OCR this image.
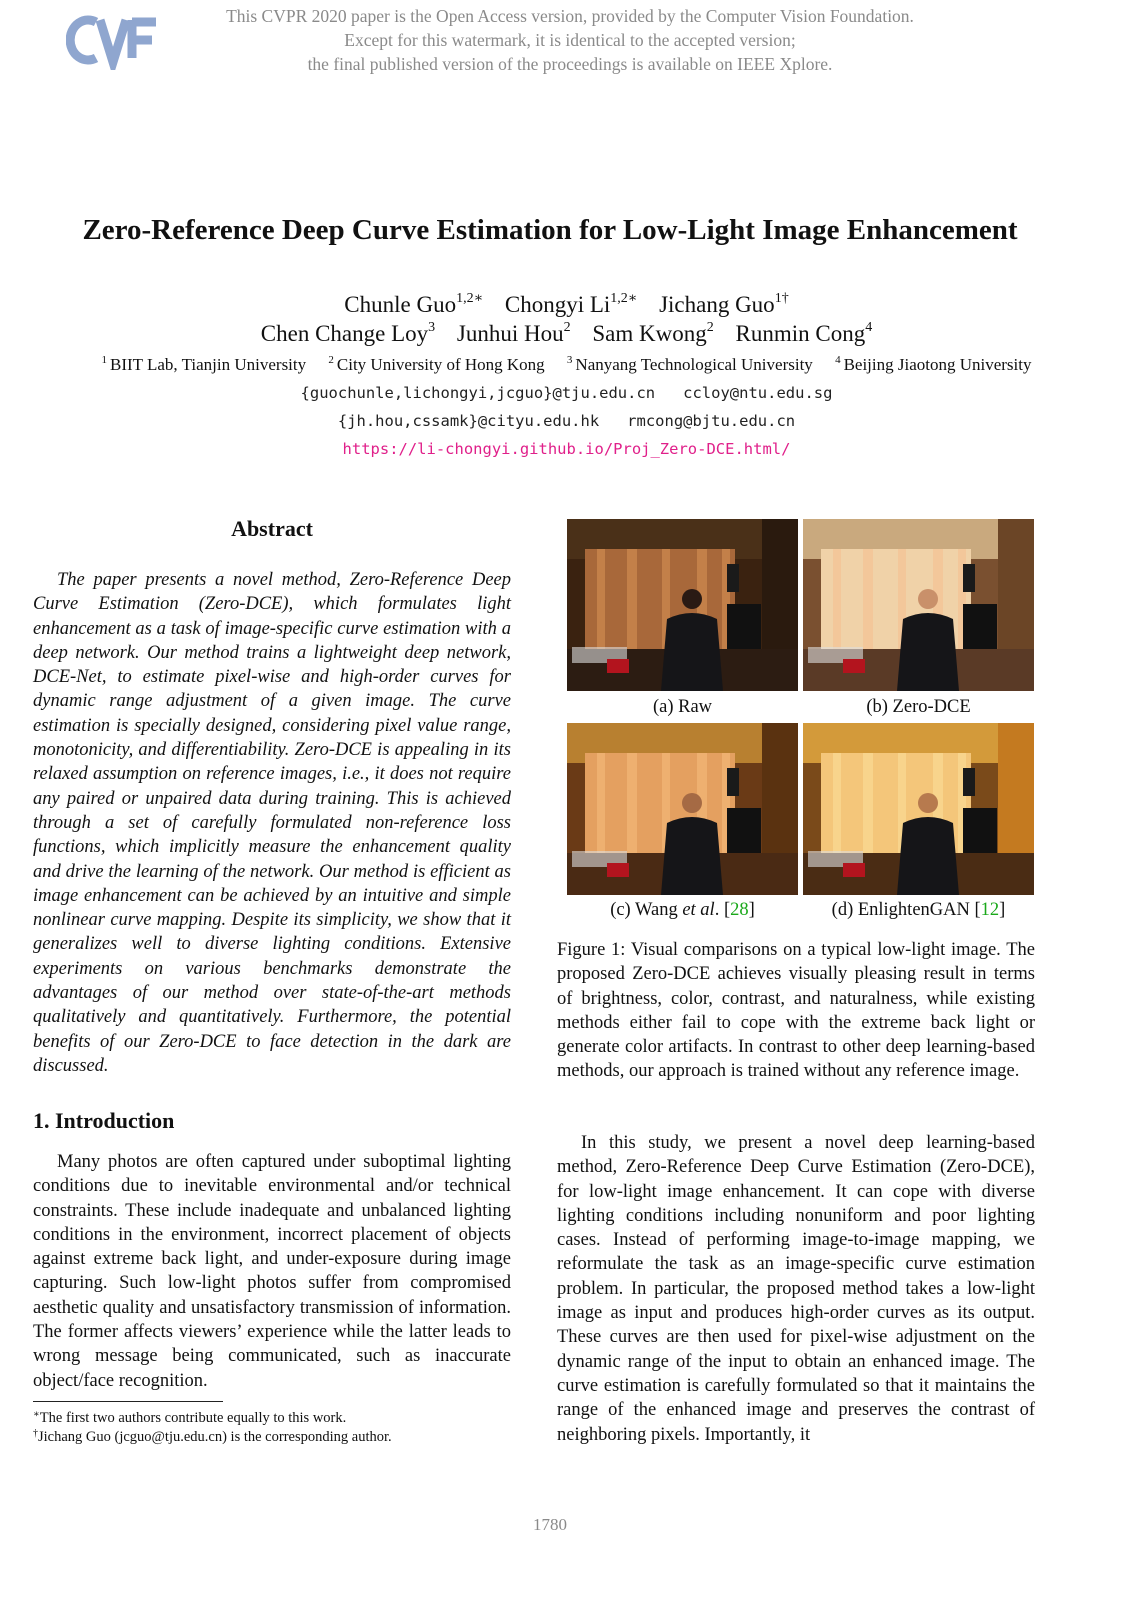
This CVPR 2020 paper is the Open Access version, provided by the Computer Vision Foundation.
Except for this watermark, it is identical to the accepted version;
the final published version of the proceedings is available on IEEE Xplore.
Zero-Reference Deep Curve Estimation for Low-Light Image Enhancement
Chunle Guo$^{1,2∗}$ Chongyi $Li^{1,2∗}$ Jichang Guo$^{1\dagger}$
Chen Change Loy$^3$ Junhui Hou$^2$ Sam Kwong$^2$ Runmin Cong$^4$
$^1$ BIIT Lab, Tianjin University $^2$ City University of Hong Kong $^3$ Nanyang Technological University $^4$ Beijing Jiaotong University
{guochunle,lichongyi,jcguo}@tju.edu.cn ccloy@ntu.edu.sg
{jh.hou,cssamk}@cityu.edu.hk rmcong@bjtu.edu.cn
https://li-chongyi.github.io/Proj_Zero-DCE.html/
Abstract

The paper presents a novel method, Zero-Reference Deep Curve Estimation (Zero-DCE), which formulates light enhancement as a task of image-specific curve estimation with a deep network. Our method trains a lightweight deep network, DCE-Net, to estimate pixel-wise and high-order curves for dynamic range adjustment of a given image. The curve estimation is specially designed, considering pixel value range, monotonicity, and differentiability. Zero-DCE is appealing in its relaxed assumption on reference images, i.e., it does not require any paired or unpaired data during training. This is achieved through a set of carefully formulated non-reference loss functions, which implicitly measure the enhancement quality and drive the learning of the network. Our method is efficient as image enhancement can be achieved by an intuitive and simple nonlinear curve mapping. Despite its simplicity, we show that it generalizes well to diverse lighting conditions. Extensive experiments on various benchmarks demonstrate the advantages of our method over state-of-the-art methods qualitatively and quantitatively. Furthermore, the potential benefits of our Zero-DCE to face detection in the dark are discussed.

1. Introduction

Many photos are often captured under suboptimal lighting conditions due to inevitable environmental and/or technical constraints. These include inadequate and unbalanced lighting conditions in the environment, incorrect placement of objects against extreme back light, and under-exposure during image capturing. Such low-light photos suffer from compromised aesthetic quality and unsatisfactory transmission of information. The former affects viewers’ experience while the latter leads to wrong message being communicated, such as inaccurate object/face recognition.

∗The first two authors contribute equally to this work.
†Jichang Guo (jcguo@tju.edu.cn) is the corresponding author.
(a) Raw	(b) Zero-DCE
(c) Wang et al. [28]	(d) EnlightenGAN [12]
Figure 1: Visual comparisons on a typical low-light image. The proposed Zero-DCE achieves visually pleasing result in terms of brightness, color, contrast, and naturalness, while existing methods either fail to cope with the extreme back light or generate color artifacts. In contrast to other deep learning-based methods, our approach is trained without any reference image.

In this study, we present a novel deep learning-based method, Zero-Reference Deep Curve Estimation (Zero-DCE), for low-light image enhancement. It can cope with diverse lighting conditions including nonuniform and poor lighting cases. Instead of performing image-to-image mapping, we reformulate the task as an image-specific curve estimation problem. In particular, the proposed method takes a low-light image as input and produces high-order curves as its output. These curves are then used for pixel-wise adjustment on the dynamic range of the input to obtain an enhanced image. The curve estimation is carefully formulated so that it maintains the range of the enhanced image and preserves the contrast of neighboring pixels. Importantly, it

1780
